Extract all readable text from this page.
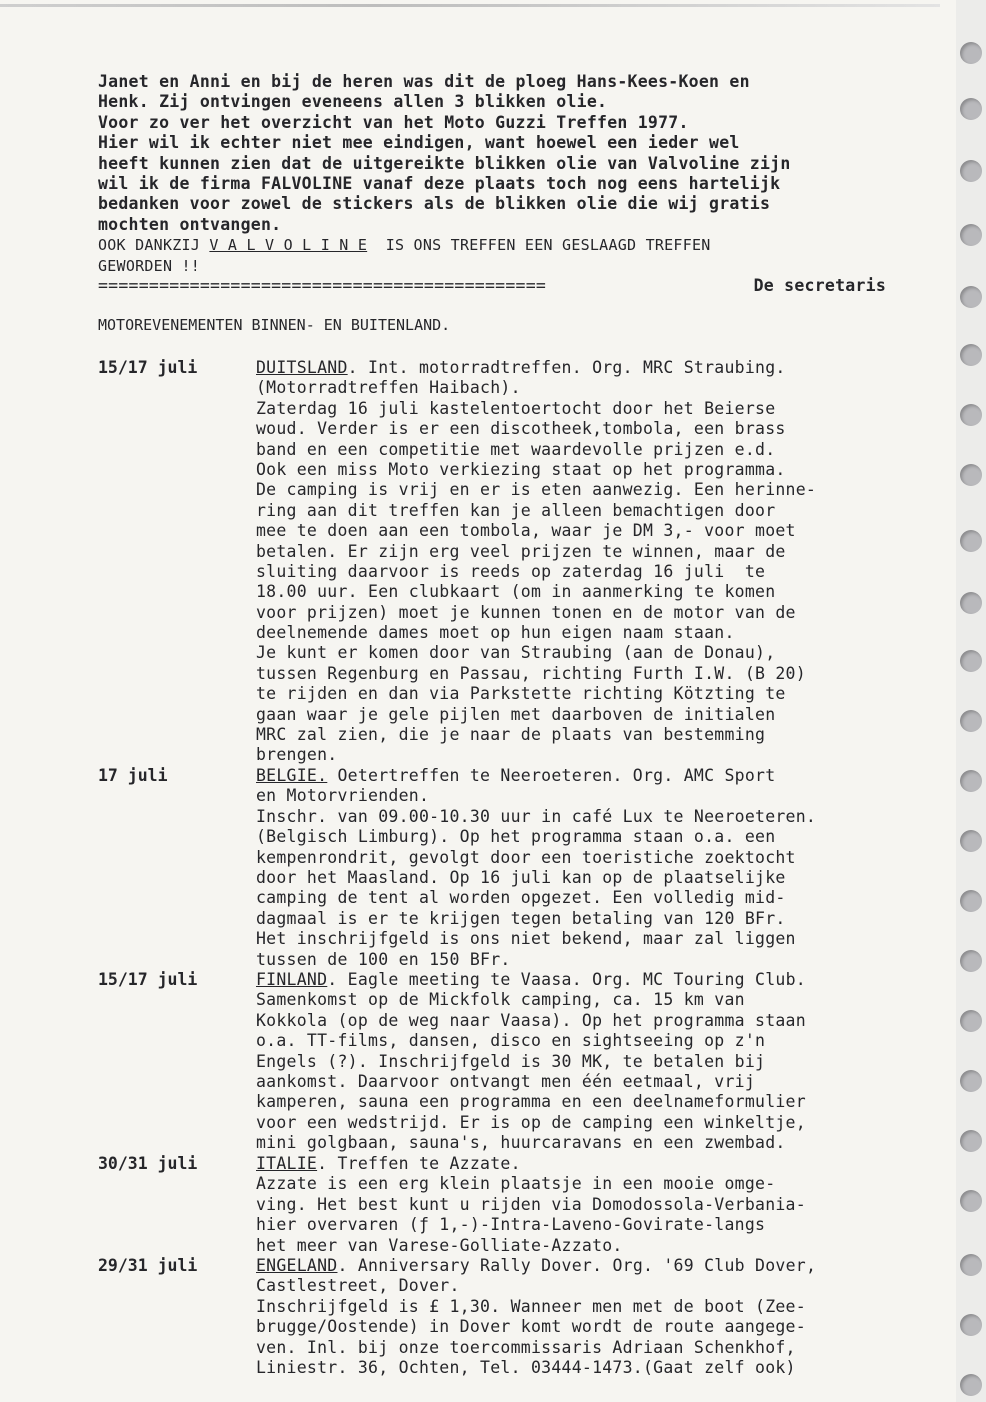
Janet en Anni en bij de heren was dit de ploeg Hans-Kees-Koen en
Henk. Zij ontvingen eveneens allen 3 blikken olie.
Voor zo ver het overzicht van het Moto Guzzi Treffen 1977.
Hier wil ik echter niet mee eindigen, want hoewel een ieder wel
heeft kunnen zien dat de uitgereikte blikken olie van Valvoline zijn
wil ik de firma FALVOLINE vanaf deze plaats toch nog eens hartelijk
bedanken voor zowel de stickers als de blikken olie die wij gratis
mochten ontvangen.
OOK DANKZIJ V A L V O L I N E  IS ONS TREFFEN EEN GESLAAGD TREFFEN
GEWORDEN !!
============================================	De secretaris
MOTOREVENEMENTEN BINNEN- EN BUITENLAND.
15/17 juli	DUITSLAND. Int. motorradtreffen. Org. MRC Straubing.
(Motorradtreffen Haibach).
Zaterdag 16 juli kastelentoertocht door het Beierse
woud. Verder is er een discotheek,tombola, een brass
band en een competitie met waardevolle prijzen e.d.
Ook een miss Moto verkiezing staat op het programma.
De camping is vrij en er is eten aanwezig. Een herinne-
ring aan dit treffen kan je alleen bemachtigen door
mee te doen aan een tombola, waar je DM 3,- voor moet
betalen. Er zijn erg veel prijzen te winnen, maar de
sluiting daarvoor is reeds op zaterdag 16 juli  te
18.00 uur. Een clubkaart (om in aanmerking te komen
voor prijzen) moet je kunnen tonen en de motor van de
deelnemende dames moet op hun eigen naam staan.
Je kunt er komen door van Straubing (aan de Donau),
tussen Regenburg en Passau, richting Furth I.W. (B 20)
te rijden en dan via Parkstette richting Kötzting te
gaan waar je gele pijlen met daarboven de initialen
MRC zal zien, die je naar de plaats van bestemming
brengen.
17 juli	BELGIE. Oetertreffen te Neeroeteren. Org. AMC Sport
en Motorvrienden.
Inschr. van 09.00-10.30 uur in café Lux te Neeroeteren.
(Belgisch Limburg). Op het programma staan o.a. een
kempenrondrit, gevolgt door een toeristiche zoektocht
door het Maasland. Op 16 juli kan op de plaatselijke
camping de tent al worden opgezet. Een volledig mid-
dagmaal is er te krijgen tegen betaling van 120 BFr.
Het inschrijfgeld is ons niet bekend, maar zal liggen
tussen de 100 en 150 BFr.
15/17 juli	FINLAND. Eagle meeting te Vaasa. Org. MC Touring Club.
Samenkomst op de Mickfolk camping, ca. 15 km van
Kokkola (op de weg naar Vaasa). Op het programma staan
o.a. TT-films, dansen, disco en sightseeing op z'n
Engels (?). Inschrijfgeld is 30 MK, te betalen bij
aankomst. Daarvoor ontvangt men één eetmaal, vrij
kamperen, sauna een programma en een deelnameformulier
voor een wedstrijd. Er is op de camping een winkeltje,
mini golgbaan, sauna's, huurcaravans en een zwembad.
30/31 juli	ITALIE. Treffen te Azzate.
Azzate is een erg klein plaatsje in een mooie omge-
ving. Het best kunt u rijden via Domodossola-Verbania-
hier overvaren (ƒ 1,-)-Intra-Laveno-Govirate-langs
het meer van Varese-Golliate-Azzato.
29/31 juli	ENGELAND. Anniversary Rally Dover. Org. '69 Club Dover,
Castlestreet, Dover.
Inschrijfgeld is £ 1,30. Wanneer men met de boot (Zee-
brugge/Oostende) in Dover komt wordt de route aangege-
ven. Inl. bij onze toercommissaris Adriaan Schenkhof,
Liniestr. 36, Ochten, Tel. 03444-1473.(Gaat zelf ook)
